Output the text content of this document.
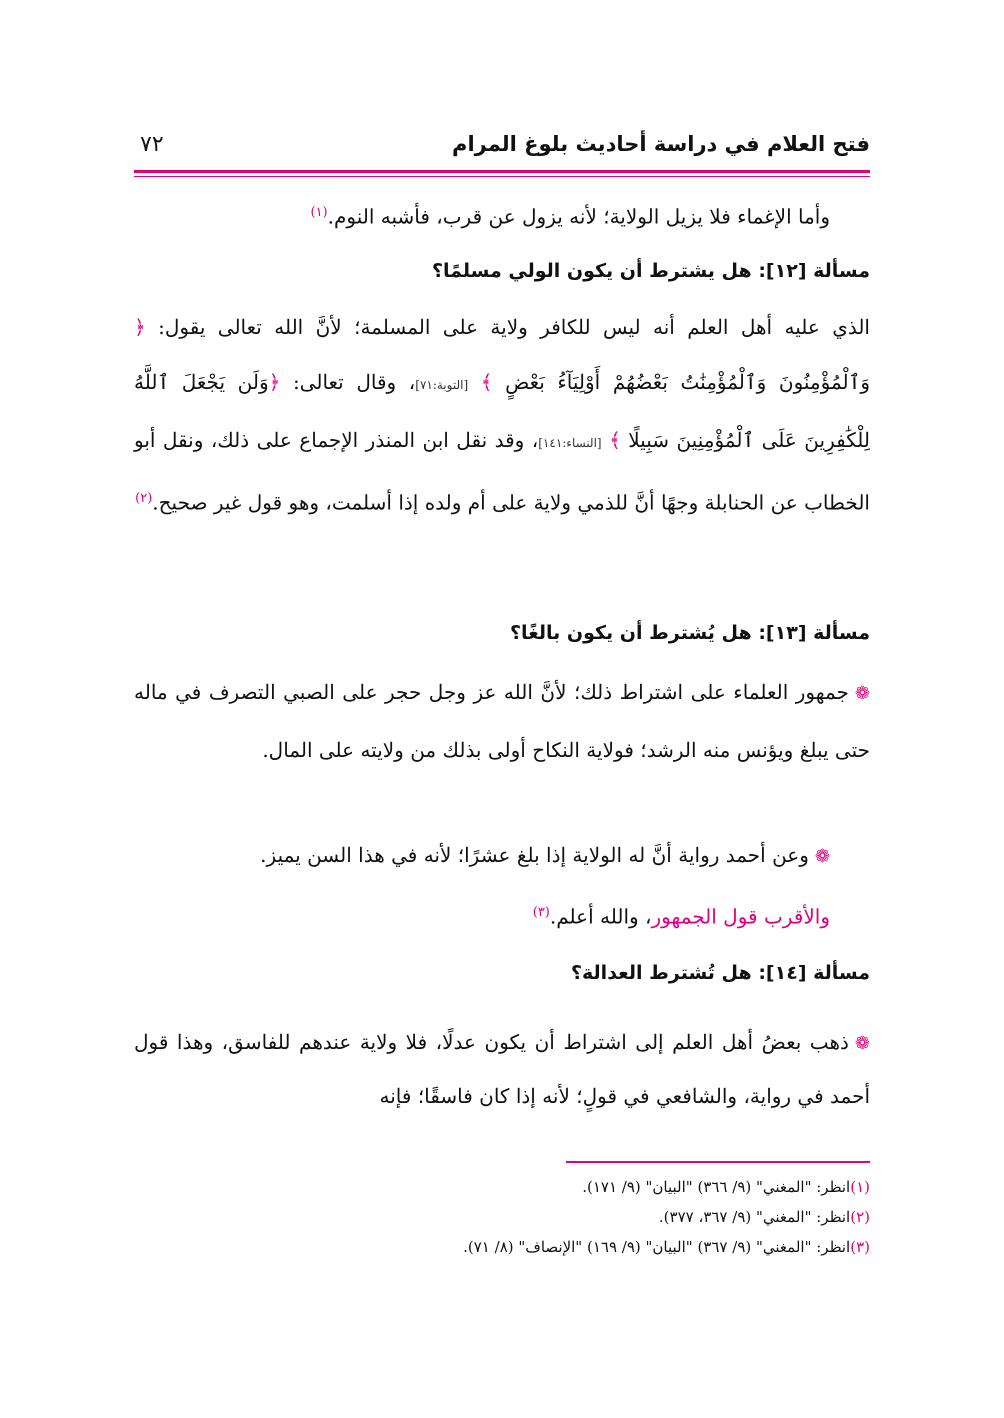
فتح العلام في دراسة أحاديث بلوغ المرام
٧٢

وأما الإغماء فلا يزيل الولاية؛ لأنه يزول عن قرب، فأشبه النوم.$^{(١)}$

مسألة [١٢]: هل يشترط أن يكون الولي مسلمًا؟

الذي عليه أهل العلم أنه ليس للكافر ولاية على المسلمة؛ لأنَّ الله تعالى يقول: ﴿ وَٱلْمُؤْمِنُونَ وَٱلْمُؤْمِنَٰتُ بَعْضُهُمْ أَوْلِيَآءُ بَعْضٍ ﴾ [التوبة:٧١]، وقال تعالى: ﴿وَلَن يَجْعَلَ ٱللَّهُ لِلْكَٰفِرِينَ عَلَى ٱلْمُؤْمِنِينَ سَبِيلًا ﴾ [النساء:١٤١]، وقد نقل ابن المنذر الإجماع على ذلك، ونقل أبو الخطاب عن الحنابلة وجهًا أنَّ للذمي ولاية على أم ولده إذا أسلمت، وهو قول غير صحيح.$^{(٢)}$

مسألة [١٣]: هل يُشترط أن يكون بالغًا؟

❁جمهور العلماء على اشتراط ذلك؛ لأنَّ الله عز وجل حجر على الصبي التصرف في ماله حتى يبلغ ويؤنس منه الرشد؛ فولاية النكاح أولى بذلك من ولايته على المال.

❁وعن أحمد رواية أنَّ له الولاية إذا بلغ عشرًا؛ لأنه في هذا السن يميز.

والأقرب قول الجمهور، والله أعلم.$^{(٣)}$

مسألة [١٤]: هل تُشترط العدالة؟

❁ذهب بعضُ أهل العلم إلى اشتراط أن يكون عدلًا، فلا ولاية عندهم للفاسق، وهذا قول أحمد في رواية، والشافعي في قولٍ؛ لأنه إذا كان فاسقًا؛ فإنه

(١)انظر: "المغني" (٩/ ٣٦٦) "البيان" (٩/ ١٧١).
(٢)انظر: "المغني" (٩/ ٣٦٧، ٣٧٧).
(٣)انظر: "المغني" (٩/ ٣٦٧) "البيان" (٩/ ١٦٩) "الإنصاف" (٨/ ٧١).
